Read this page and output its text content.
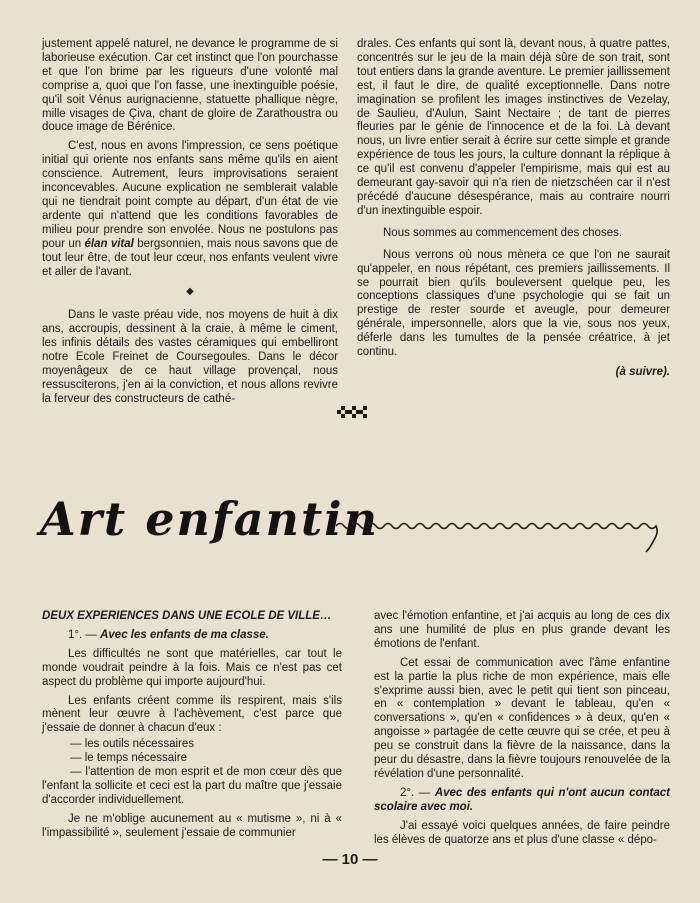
justement appelé naturel, ne devance le programme de si laborieuse exécution. Car cet instinct que l'on pourchasse et que l'on brime par les rigueurs d'une volonté mal comprise a, quoi que l'on fasse, une inextinguible poésie, qu'il soit Vénus aurignacienne, statuette phallique nègre, mille visages de Çiva, chant de gloire de Zarathoustra ou douce image de Bérénice.

C'est, nous en avons l'impression, ce sens poétique initial qui oriente nos enfants sans même qu'ils en aient conscience. Autrement, leurs improvisations seraient inconcevables. Aucune explication ne semblerait valable qui ne tiendrait point compte au départ, d'un état de vie ardente qui n'attend que les conditions favorables de milieu pour prendre son envolée. Nous ne postulons pas pour un élan vital bergsonnien, mais nous savons que de tout leur être, de tout leur cœur, nos enfants veulent vivre et aller de l'avant.

◆

Dans le vaste préau vide, nos moyens de huit à dix ans, accroupis, dessinent à la craie, à même le ciment, les infinis détails des vastes céramiques qui embelliront notre Ecole Freinet de Coursegoules. Dans le décor moyenâgeux de ce haut village provençal, nous ressusciterons, j'en ai la conviction, et nous allons revivre la ferveur des constructeurs de cathé-

drales. Ces enfants qui sont là, devant nous, à quatre pattes, concentrés sur le jeu de la main déjà sûre de son trait, sont tout entiers dans la grande aventure. Le premier jaillissement est, il faut le dire, de qualité exceptionnelle. Dans notre imagination se profilent les images instinctives de Vezelay, de Saulieu, d'Aulun, Saint Nectaire ; de tant de pierres fleuries par le génie de l'innocence et de la foi. Là devant nous, un livre entier serait à écrire sur cette simple et grande expérience de tous les jours, la culture donnant la réplique à ce qu'il est convenu d'appeler l'empirisme, mais qui est au demeurant gay-savoir qui n'a rien de nietzschéen car il n'est précédé d'aucune désespérance, mais au contraire nourri d'un inextinguible espoir.

Nous sommes au commencement des choses.

Nous verrons où nous mènera ce que l'on ne saurait qu'appeler, en nous répétant, ces premiers jaillissements. Il se pourrait bien qu'ils bouleversent quelque peu, les conceptions classiques d'une psychologie qui se fait un prestige de rester sourde et aveugle, pour demeurer générale, impersonnelle, alors que la vie, sous nos yeux, déferle dans les tumultes de la pensée créatrice, à jet continu.

(à suivre).

Art enfantin

DEUX EXPERIENCES DANS UNE ECOLE DE VILLE…

1°. — Avec les enfants de ma classe.

Les difficultés ne sont que matérielles, car tout le monde voudrait peindre à la fois. Mais ce n'est pas cet aspect du problème qui importe aujourd'hui.

Les enfants créent comme ils respirent, mais s'ils mènent leur œuvre à l'achèvement, c'est parce que j'essaie de donner à chacun d'eux :

— les outils nécessaires
— le temps nécessaire
— l'attention de mon esprit et de mon cœur dès que l'enfant la sollicite et ceci est la part du maître que j'essaie d'accorder individuellement.

Je ne m'oblige aucunement au « mutisme », ni à « l'impassibilité », seulement j'essaie de communier

avec l'émotion enfantine, et j'ai acquis au long de ces dix ans une humilité de plus en plus grande devant les émotions de l'enfant.

Cet essai de communication avec l'âme enfantine est la partie la plus riche de mon expérience, mais elle s'exprime aussi bien, avec le petit qui tient son pinceau, en « contemplation » devant le tableau, qu'en « conversations », qu'en « confidences » à deux, qu'en « angoisse » partagée de cette œuvre qui se crée, et peu à peu se construit dans la fièvre de la naissance, dans la peur du désastre, dans la fièvre toujours renouvelée de la révélation d'une personnalité.

2°. — Avec des enfants qui n'ont aucun contact scolaire avec moi.

J'ai essayé voici quelques années, de faire peindre les élèves de quatorze ans et plus d'une classe « dépo-

— 10 —
